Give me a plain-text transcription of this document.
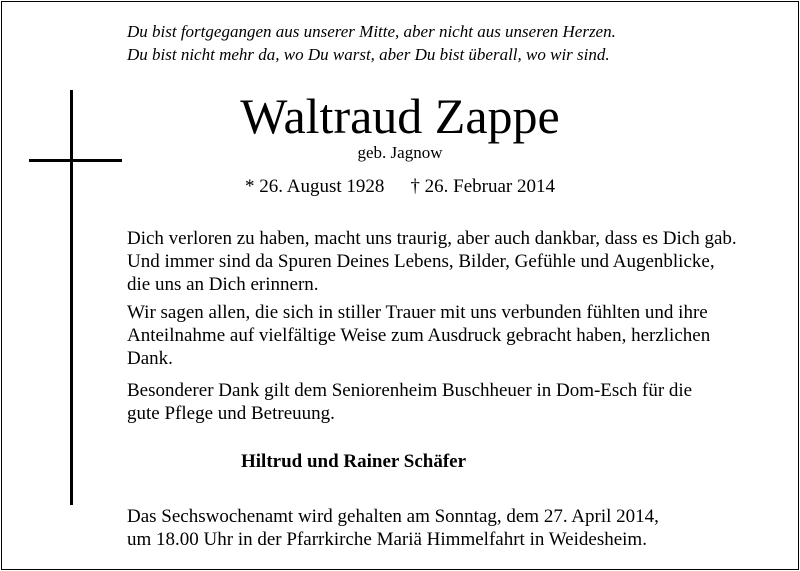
Du bist fortgegangen aus unserer Mitte, aber nicht aus unseren Herzen.
Du bist nicht mehr da, wo Du warst, aber Du bist überall, wo wir sind.
Waltraud Zappe
geb. Jagnow
* 26. August 1928 † 26. Februar 2014
Dich verloren zu haben, macht uns traurig, aber auch dankbar, dass es Dich gab.
Und immer sind da Spuren Deines Lebens, Bilder, Gefühle und Augenblicke,
die uns an Dich erinnern.
Wir sagen allen, die sich in stiller Trauer mit uns verbunden fühlten und ihre
Anteilnahme auf vielfältige Weise zum Ausdruck gebracht haben, herzlichen
Dank.
Besonderer Dank gilt dem Seniorenheim Buschheuer in Dom-Esch für die
gute Pflege und Betreuung.
Hiltrud und Rainer Schäfer
Das Sechswochenamt wird gehalten am Sonntag, dem 27. April 2014,
um 18.00 Uhr in der Pfarrkirche Mariä Himmelfahrt in Weidesheim.
